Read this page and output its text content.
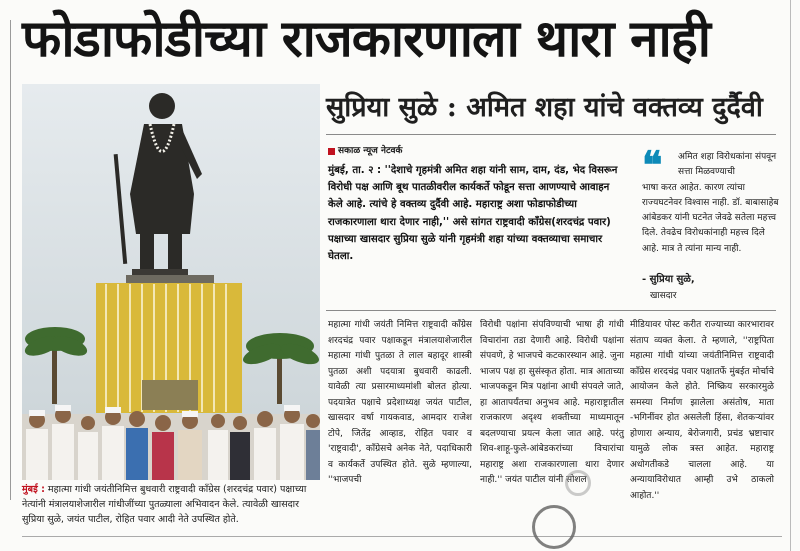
फोडाफोडीच्या राजकारणाला थारा नाही

मुंबई : महात्मा गांधी जयंतीनिमित्त बुधवारी राष्ट्रवादी काँग्रेस (शरदचंद्र पवार) पक्षाच्या नेत्यांनी मंत्रालयाशेजारील गांधीजींच्या पुतळ्याला अभिवादन केले. त्यावेळी खासदार सुप्रिया सुळे, जयंत पाटील, रोहित पवार आदी नेते उपस्थित होते.

सुप्रिया सुळे : अमित शहा यांचे वक्तव्य दुर्दैवी
सकाळ न्यूज नेटवर्क

मुंबई, ता. २ : ''देशाचे गृहमंत्री अमित शहा यांनी साम, दाम, दंड, भेद विसरून विरोधी पक्ष आणि बूथ पातळीवरील कार्यकर्ते फोडून सत्ता आणण्याचे आवाहन केले आहे. त्यांचे हे वक्तव्य दुर्दैवी आहे. महाराष्ट्र अशा फोडाफोडीच्या राजकारणाला थारा देणार नाही,'' असे सांगत राष्ट्रवादी काँग्रेस(शरदचंद्र पवार) पक्षाच्या खासदार सुप्रिया सुळे यांनी गृहमंत्री शहा यांच्या वक्तव्याचा समाचार घेतला.

❝ अमित शहा विरोधकांना संपवून सत्ता मिळवण्याची
भाषा करत आहेत. कारण त्यांचा राज्यघटनेवर विश्वास नाही. डॉ. बाबासाहेब आंबेडकर यांनी घटनेत जेवढे सतेला महत्त्व दिले. तेवढेच विरोधकांनाही महत्त्व दिले आहे. मात्र ते त्यांना मान्य नाही.

- सुप्रिया सुळे,
खासदार

महात्मा गांधी जयंती निमित्त राष्ट्रवादी काँग्रेस शरदचंद्र पवार पक्षाकडून मंत्रालयाशेजारील महात्मा गांधी पुतळा ते लाल बहादूर शास्त्री पुतळा अशी पदयात्रा बुधवारी काढली. यावेळी त्या प्रसारमाध्यमांशी बोलत होत्या. पदयात्रेत पक्षाचे प्रदेशाध्यक्ष जयंत पाटील, खासदार वर्षा गायकवाड, आमदार राजेश टोपे, जितेंद्र आव्हाड, रोहित पवार व 'राष्ट्रवादी', काँग्रेसचे अनेक नेते, पदाधिकारी व कार्यकर्ते उपस्थित होते. सुळे म्हणाल्या, ''भाजपची

विरोधी पक्षांना संपविण्याची भाषा ही गांधी विचारांना तडा देणारी आहे. विरोधी पक्षांना संपवणे, हे भाजपचे कटकारस्थान आहे. जुना भाजप पक्ष हा सुसंस्कृत होता. मात्र आताच्या भाजपकडून मित्र पक्षांना आधी संपवले जाते, हा आतापर्यंतचा अनुभव आहे. महाराष्ट्रातील राजकारण अदृश्य शक्तीच्या माध्यमातून बदलण्याचा प्रयत्न केला जात आहे. परंतु शिव-शाहू-फुले-आंबेडकरांच्या विचारांचा महाराष्ट्र अशा राजकारणाला थारा देणार नाही.'' जयंत पाटील यांनी सोशल

मीडियावर पोस्ट करीत राज्याच्या कारभारावर संताप व्यक्त केला. ते म्हणाले, ''राष्ट्रपिता महात्मा गांधी यांच्या जयंतीनिमित्त राष्ट्रवादी काँग्रेस शरदचंद्र पवार पक्षातर्फे मुंबईत मोर्चाचे आयोजन केले होते. निष्क्रिय सरकारमुळे समस्या निर्माण झालेला असंतोष, माता -भगिनींवर होत असलेली हिंसा, शेतकऱ्यांवर होणारा अन्याय, बेरोजगारी, प्रचंड भ्रष्टाचार यामुळे लोक त्रस्त आहेत. महाराष्ट्र अधोगतीकडे चालला आहे. या अन्यायाविरोधात आम्ही उभे ठाकलो आहोत.''
